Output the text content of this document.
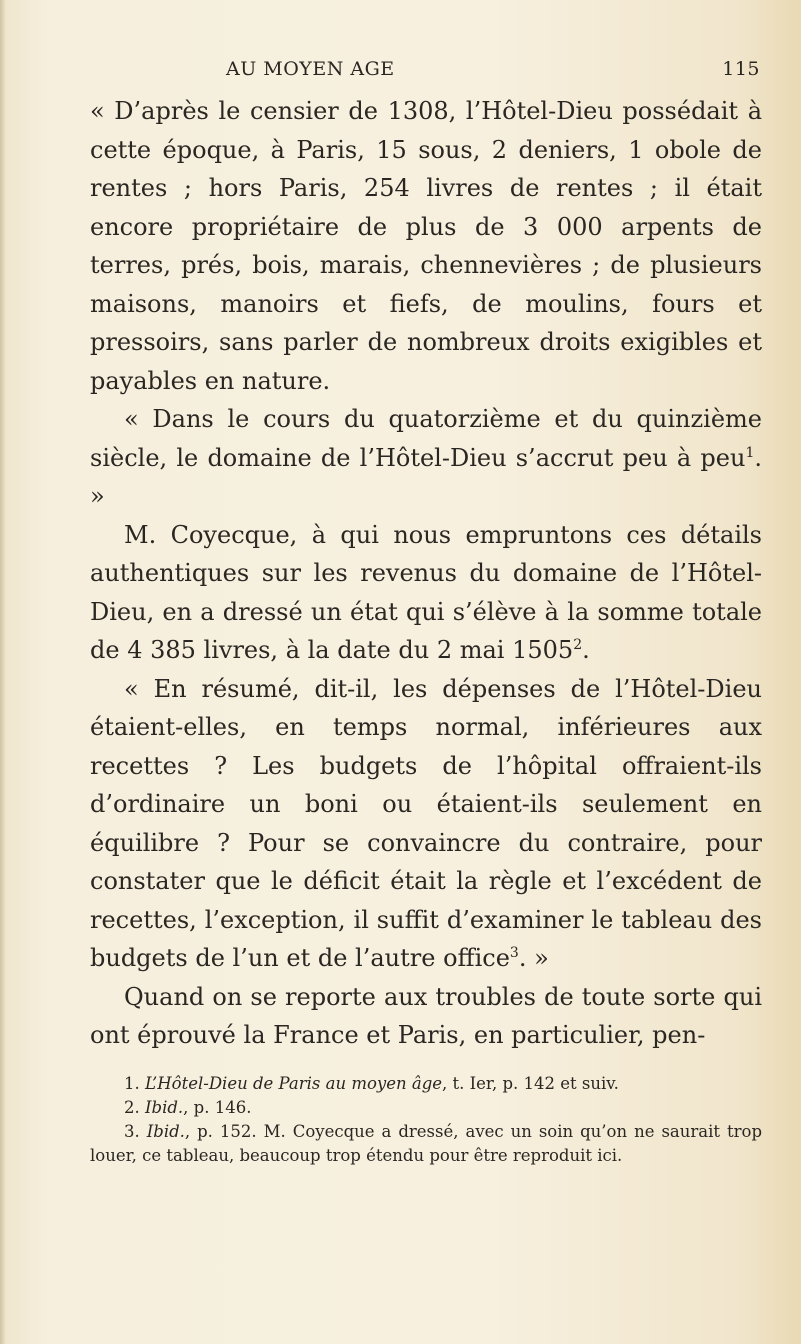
AU MOYEN AGE	115

« D’après le censier de 1308, l’Hôtel-Dieu possédait à cette époque, à Paris, 15 sous, 2 deniers, 1 obole de rentes ; hors Paris, 254 livres de rentes ; il était encore propriétaire de plus de 3 000 arpents de terres, prés, bois, marais, chennevières ; de plusieurs maisons, manoirs et fiefs, de moulins, fours et pressoirs, sans parler de nombreux droits exigibles et payables en nature.

« Dans le cours du quatorzième et du quinzième siècle, le domaine de l’Hôtel-Dieu s’accrut peu à peu$^1$. »

M. Coyecque, à qui nous empruntons ces détails authentiques sur les revenus du domaine de l’Hôtel-Dieu, en a dressé un état qui s’élève à la somme totale de 4 385 livres, à la date du 2 mai 1505$^2$.

« En résumé, dit-il, les dépenses de l’Hôtel-Dieu étaient-elles, en temps normal, inférieures aux recettes ? Les budgets de l’hôpital offraient-ils d’ordinaire un boni ou étaient-ils seulement en équilibre ? Pour se convaincre du contraire, pour constater que le déficit était la règle et l’excédent de recettes, l’exception, il suffit d’examiner le tableau des budgets de l’un et de l’autre office$^3$. »

Quand on se reporte aux troubles de toute sorte qui ont éprouvé la France et Paris, en particulier, pen-

1. L’Hôtel-Dieu de Paris au moyen âge, t. Ier, p. 142 et suiv.

2. Ibid., p. 146.

3. Ibid., p. 152. M. Coyecque a dressé, avec un soin qu’on ne saurait trop louer, ce tableau, beaucoup trop étendu pour être reproduit ici.
